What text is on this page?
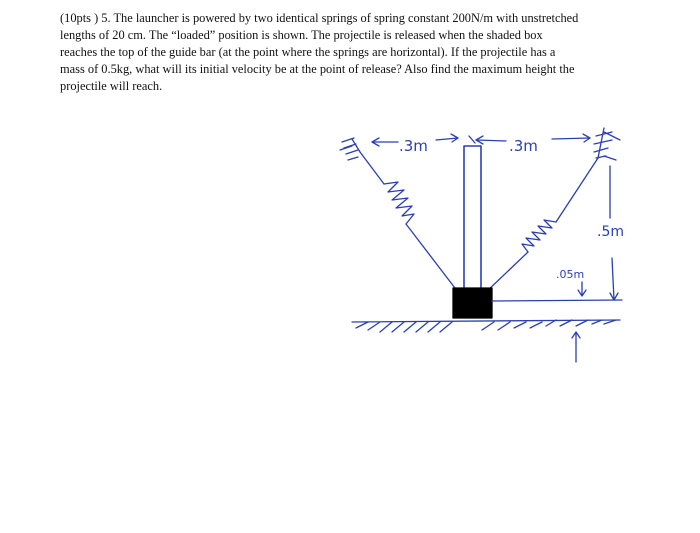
(10pts ) 5. The launcher is powered by two identical springs of spring constant 200N/m with unstretched
lengths of 20 cm. The “loaded” position is shown. The projectile is released when the shaded box
reaches the top of the guide bar (at the point where the springs are horizontal). If the projectile has a
mass of 0.5kg, what will its initial velocity be at the point of release? Also find the maximum height the
projectile will reach.

.3m	.3m
.5m
.05m
